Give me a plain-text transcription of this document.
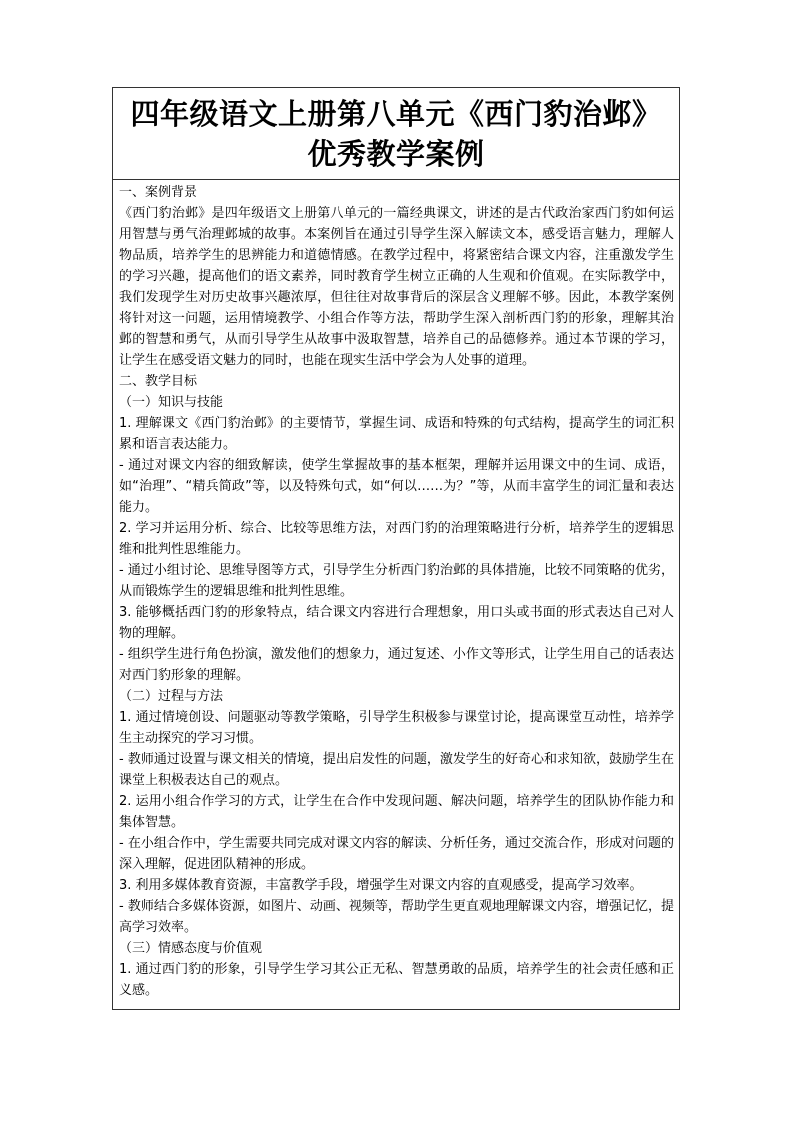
四年级语文上册第八单元《西门豹治邺》优秀教学案例

一、案例背景

《西门豹治邺》是四年级语文上册第八单元的一篇经典课文，讲述的是古代政治家西门豹如何运用智慧与勇气治理邺城的故事。本案例旨在通过引导学生深入解读文本，感受语言魅力，理解人物品质，培养学生的思辨能力和道德情感。在教学过程中，将紧密结合课文内容，注重激发学生的学习兴趣，提高他们的语文素养，同时教育学生树立正确的人生观和价值观。在实际教学中，我们发现学生对历史故事兴趣浓厚，但往往对故事背后的深层含义理解不够。因此，本教学案例将针对这一问题，运用情境教学、小组合作等方法，帮助学生深入剖析西门豹的形象，理解其治邺的智慧和勇气，从而引导学生从故事中汲取智慧，培养自己的品德修养。通过本节课的学习，让学生在感受语文魅力的同时，也能在现实生活中学会为人处事的道理。

二、教学目标

（一）知识与技能

1. 理解课文《西门豹治邺》的主要情节，掌握生词、成语和特殊的句式结构，提高学生的词汇积累和语言表达能力。

- 通过对课文内容的细致解读，使学生掌握故事的基本框架，理解并运用课文中的生词、成语，如“治理”、“精兵简政”等，以及特殊句式，如“何以……为？”等，从而丰富学生的词汇量和表达能力。

2. 学习并运用分析、综合、比较等思维方法，对西门豹的治理策略进行分析，培养学生的逻辑思维和批判性思维能力。

- 通过小组讨论、思维导图等方式，引导学生分析西门豹治邺的具体措施，比较不同策略的优劣，从而锻炼学生的逻辑思维和批判性思维。

3. 能够概括西门豹的形象特点，结合课文内容进行合理想象，用口头或书面的形式表达自己对人物的理解。

- 组织学生进行角色扮演，激发他们的想象力，通过复述、小作文等形式，让学生用自己的话表达对西门豹形象的理解。

（二）过程与方法

1. 通过情境创设、问题驱动等教学策略，引导学生积极参与课堂讨论，提高课堂互动性，培养学生主动探究的学习习惯。

- 教师通过设置与课文相关的情境，提出启发性的问题，激发学生的好奇心和求知欲，鼓励学生在课堂上积极表达自己的观点。

2. 运用小组合作学习的方式，让学生在合作中发现问题、解决问题，培养学生的团队协作能力和集体智慧。

- 在小组合作中，学生需要共同完成对课文内容的解读、分析任务，通过交流合作，形成对问题的深入理解，促进团队精神的形成。

3. 利用多媒体教育资源，丰富教学手段，增强学生对课文内容的直观感受，提高学习效率。

- 教师结合多媒体资源，如图片、动画、视频等，帮助学生更直观地理解课文内容，增强记忆，提高学习效率。

（三）情感态度与价值观

1. 通过西门豹的形象，引导学生学习其公正无私、智慧勇敢的品质，培养学生的社会责任感和正义感。
